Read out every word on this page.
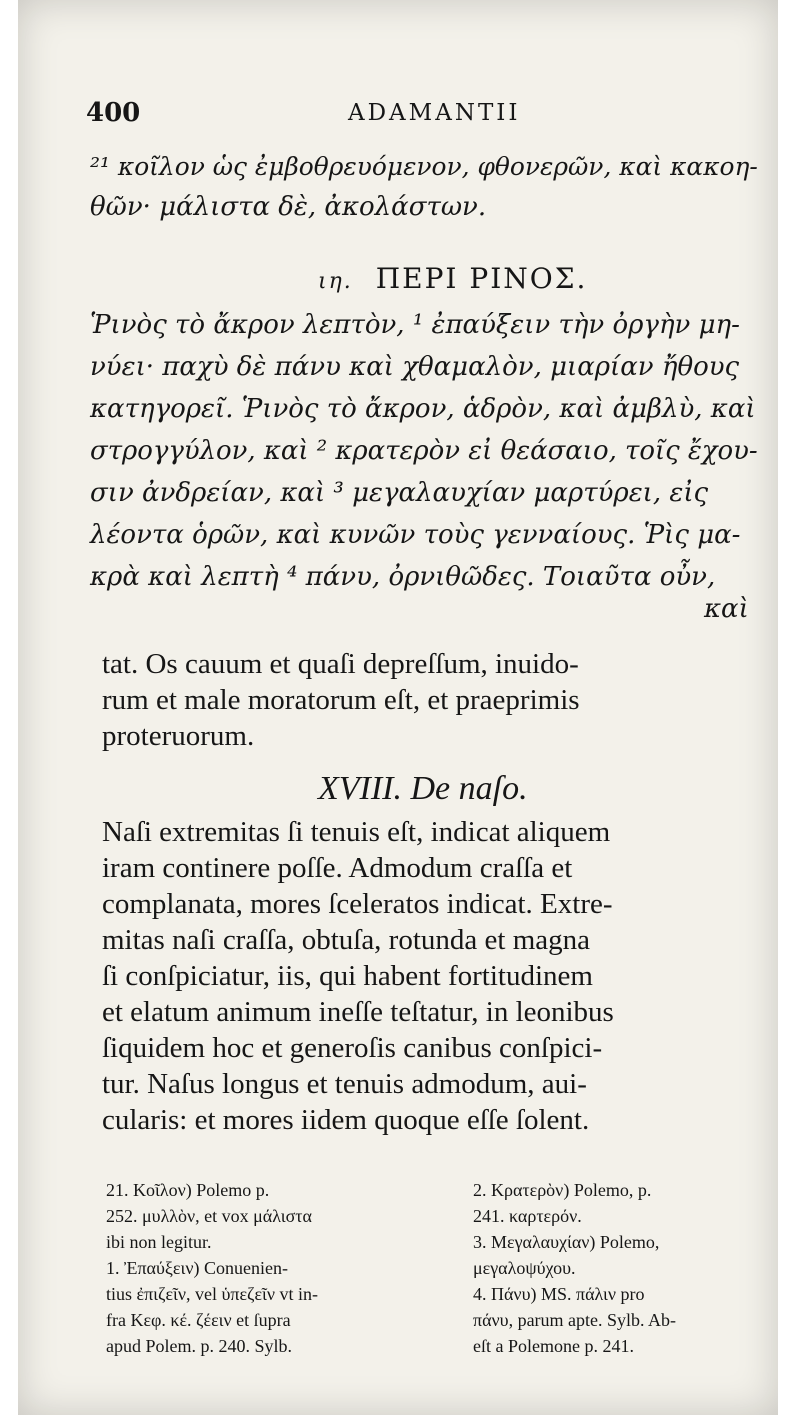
400	ADAMANTII
²¹ κοῖλον ὡς ἐμβοθρευόμενον, φθονερῶν, καὶ κακοη-
θῶν· μάλιστα δὲ, ἀκολάστων.
ιη. ΠΕΡΙ ΡΙΝΟΣ.
Ῥινὸς τὸ ἄκρον λεπτὸν, ¹ ἐπαύξειν τὴν ὀργὴν μη-
νύει· παχὺ δὲ πάνυ καὶ χθαμαλὸν, μιαρίαν ἤθους
κατηγορεῖ. Ῥινὸς τὸ ἄκρον, ἁδρὸν, καὶ ἀμβλὺ, καὶ
στρογγύλον, καὶ ² κρατερὸν εἰ θεάσαιο, τοῖς ἔχου-
σιν ἀνδρείαν, καὶ ³ μεγαλαυχίαν μαρτύρει, εἰς
λέοντα ὁρῶν, καὶ κυνῶν τοὺς γενναίους. Ῥὶς μα-
κρὰ καὶ λεπτὴ ⁴ πάνυ, ὀρνιθῶδες. Τοιαῦτα οὖν,
καὶ
tat. Os cauum et quaſi depreſſum, inuido-
rum et male moratorum eſt, et praeprimis
proteruorum.
XVIII. De naſo.
Naſi extremitas ſi tenuis eſt, indicat aliquem
iram continere poſſe. Admodum craſſa et
complanata, mores ſceleratos indicat. Extre-
mitas naſi craſſa, obtuſa, rotunda et magna
ſi conſpiciatur, iis, qui habent fortitudinem
et elatum animum ineſſe teſtatur, in leonibus
ſiquidem hoc et generoſis canibus conſpici-
tur. Naſus longus et tenuis admodum, aui-
cularis: et mores iidem quoque eſſe ſolent.
21. Κοῖλον) Polemo p.
252. μυλλὸν, et vox μάλιστα
ibi non legitur.
1. Ἐπαύξειν) Conuenien-
tius ἐπιζεῖν, vel ὑπεζεῖν vt in-
fra Κεφ. κέ. ζέειν et ſupra
apud Polem. p. 240. Sylb.
2. Κρατερὸν) Polemo, p.
241. καρτερόν.
3. Μεγαλαυχίαν) Polemo,
μεγαλοψύχου.
4. Πάνυ) MS. πάλιν pro
πάνυ, parum apte. Sylb. Ab-
eſt a Polemone p. 241.
